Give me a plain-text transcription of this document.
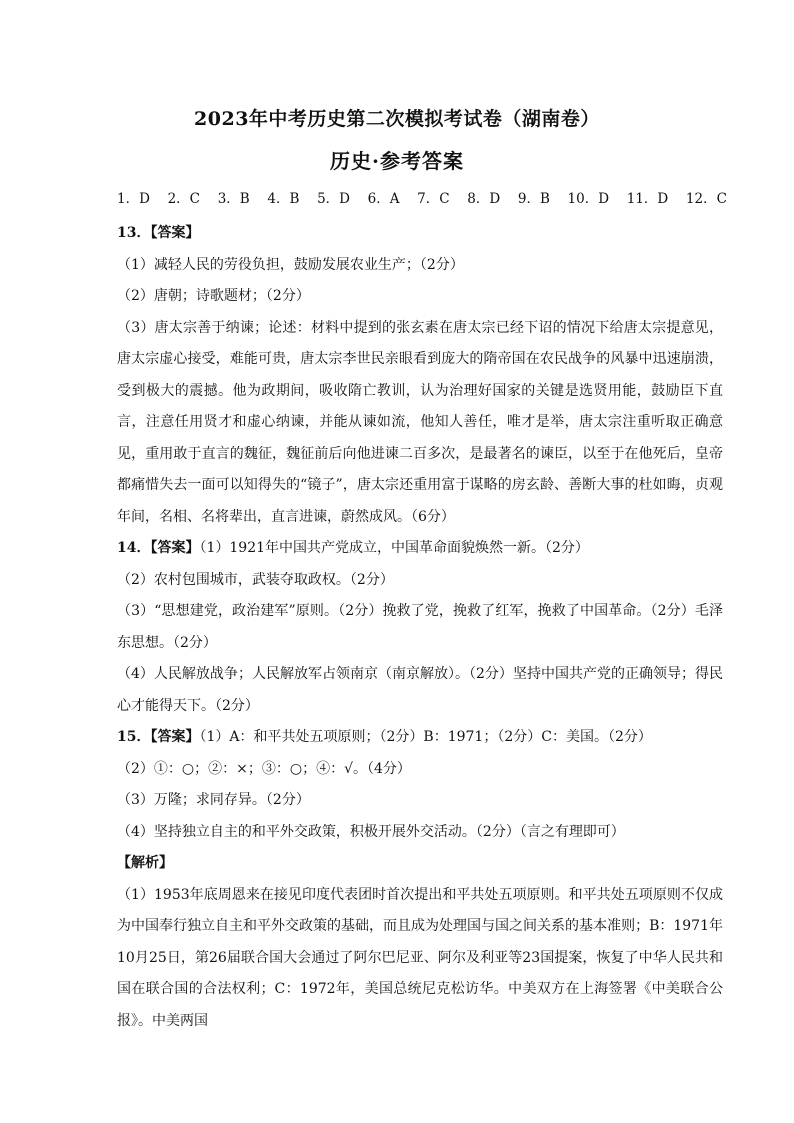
2023年中考历史第二次模拟考试卷（湖南卷）
历史·参考答案
1．D 2．C 3．B 4．B 5．D 6．A 7．C 8．D 9．B 10．D 11．D 12．C

13．【答案】

（1）减轻人民的劳役负担，鼓励发展农业生产；（2分）

（2）唐朝；诗歌题材；（2分）

（3）唐太宗善于纳谏；论述：材料中提到的张玄素在唐太宗已经下诏的情况下给唐太宗提意见，唐太宗虚心接受，难能可贵，唐太宗李世民亲眼看到庞大的隋帝国在农民战争的风暴中迅速崩溃，受到极大的震撼。他为政期间，吸收隋亡教训，认为治理好国家的关键是选贤用能，鼓励臣下直言，注意任用贤才和虚心纳谏，并能从谏如流，他知人善任，唯才是举，唐太宗注重听取正确意见，重用敢于直言的魏征，魏征前后向他进谏二百多次，是最著名的谏臣，以至于在他死后，皇帝都痛惜失去一面可以知得失的“镜子”，唐太宗还重用富于谋略的房玄龄、善断大事的杜如晦，贞观年间，名相、名将辈出，直言进谏，蔚然成风。（6分）

14．【答案】（1）1921年中国共产党成立，中国革命面貌焕然一新。（2分）

（2）农村包围城市，武装夺取政权。（2分）

（3）“思想建党，政治建军”原则。（2分）挽救了党，挽救了红军，挽救了中国革命。（2分）毛泽东思想。（2分）

（4）人民解放战争；人民解放军占领南京（南京解放）。（2分）坚持中国共产党的正确领导；得民心才能得天下。（2分）

15．【答案】（1）A：和平共处五项原则；（2分）B：1971；（2分）C：美国。（2分）

（2）①：○；②：×；③：○；④：√。（4分）

（3）万隆；求同存异。（2分）

（4）坚持独立自主的和平外交政策，积极开展外交活动。（2分）（言之有理即可）

【解析】

（1）1953年底周恩来在接见印度代表团时首次提出和平共处五项原则。和平共处五项原则不仅成为中国奉行独立自主和平外交政策的基础，而且成为处理国与国之间关系的基本准则；B：1971年10月25日，第26届联合国大会通过了阿尔巴尼亚、阿尔及利亚等23国提案，恢复了中华人民共和国在联合国的合法权利；C：1972年，美国总统尼克松访华。中美双方在上海签署《中美联合公报》。中美两国
